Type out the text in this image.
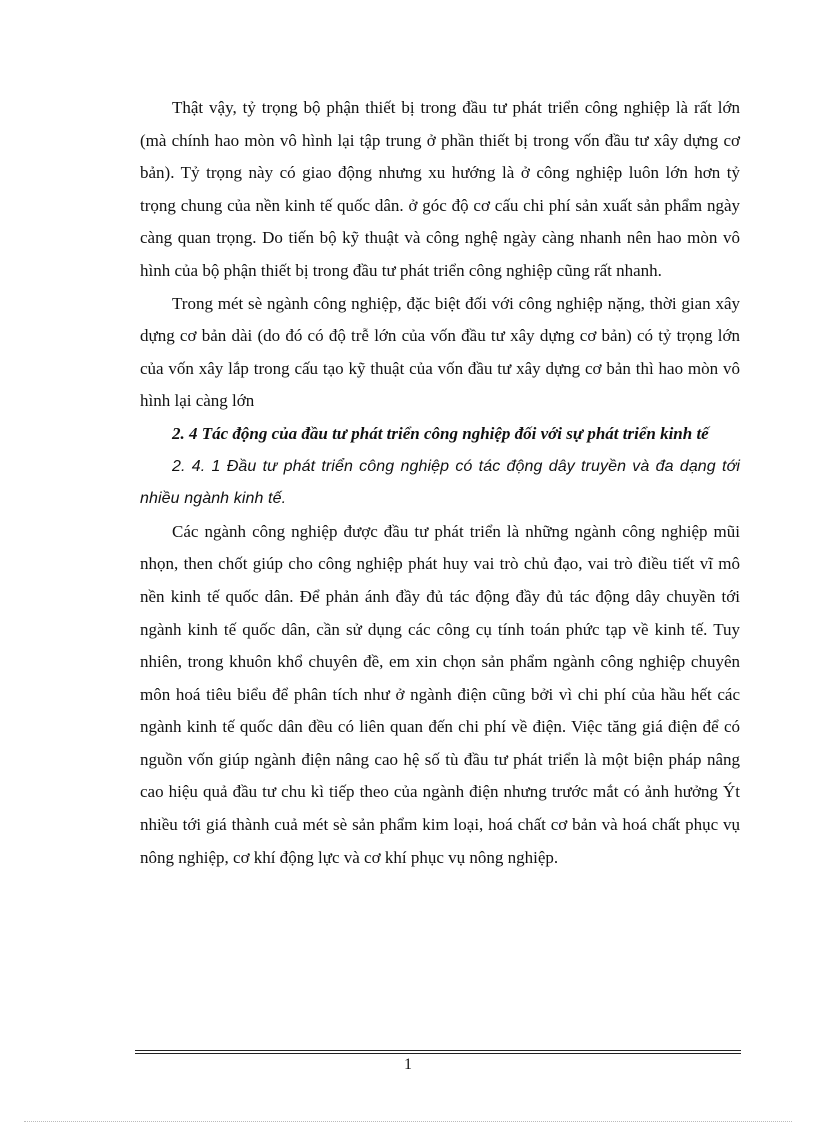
Thật vậy, tỷ trọng bộ phận thiết bị trong đầu tư phát triển công nghiệp là rất lớn (mà chính hao mòn vô hình lại tập trung ở phần thiết bị trong vốn đầu tư xây dựng cơ bản). Tỷ trọng này có giao động nhưng xu hướng là ở công nghiệp luôn lớn hơn tỷ trọng chung của nền kinh tế quốc dân. ở góc độ cơ cấu chi phí sản xuất sản phẩm ngày càng quan trọng. Do tiến bộ kỹ thuật và công nghệ ngày càng nhanh nên hao mòn vô hình của bộ phận thiết bị trong đầu tư phát triển công nghiệp cũng rất nhanh.

Trong mét sè ngành công nghiệp, đặc biệt đối với công nghiệp nặng, thời gian xây dựng cơ bản dài (do đó có độ trễ lớn của vốn đầu tư xây dựng cơ bản) có tỷ trọng lớn của vốn xây lắp trong cấu tạo kỹ thuật của vốn đầu tư xây dựng cơ bản thì hao mòn vô hình lại càng lớn

2. 4 Tác động của đầu tư phát triển công nghiệp đối với sự phát triển kinh tế

2. 4. 1 Đầu tư phát triển công nghiệp có tác động dây truyền và đa dạng tới nhiều ngành kinh tế.

Các ngành công nghiệp được đầu tư phát triển là những ngành công nghiệp mũi nhọn, then chốt giúp cho công nghiệp phát huy vai trò chủ đạo, vai trò điều tiết vĩ mô nền kinh tế quốc dân. Để phản ánh đầy đủ tác động đầy đủ tác động dây chuyền tới ngành kinh tế quốc dân, cần sử dụng các công cụ tính toán phức tạp về kinh tế. Tuy nhiên, trong khuôn khổ chuyên đề, em xin chọn sản phẩm ngành công nghiệp chuyên môn hoá tiêu biểu để phân tích như ở ngành điện cũng bởi vì chi phí của hầu hết các ngành kinh tế quốc dân đều có liên quan đến chi phí về điện. Việc tăng giá điện để có nguồn vốn giúp ngành điện nâng cao hệ số tù đầu tư phát triển là một biện pháp nâng cao hiệu quả đầu tư chu kì tiếp theo của ngành điện nhưng trước mắt có ảnh hưởng Ýt nhiều tới giá thành cuả mét sè sản phẩm kim loại, hoá chất cơ bản và hoá chất phục vụ nông nghiệp, cơ khí động lực và cơ khí phục vụ nông nghiệp.

1
